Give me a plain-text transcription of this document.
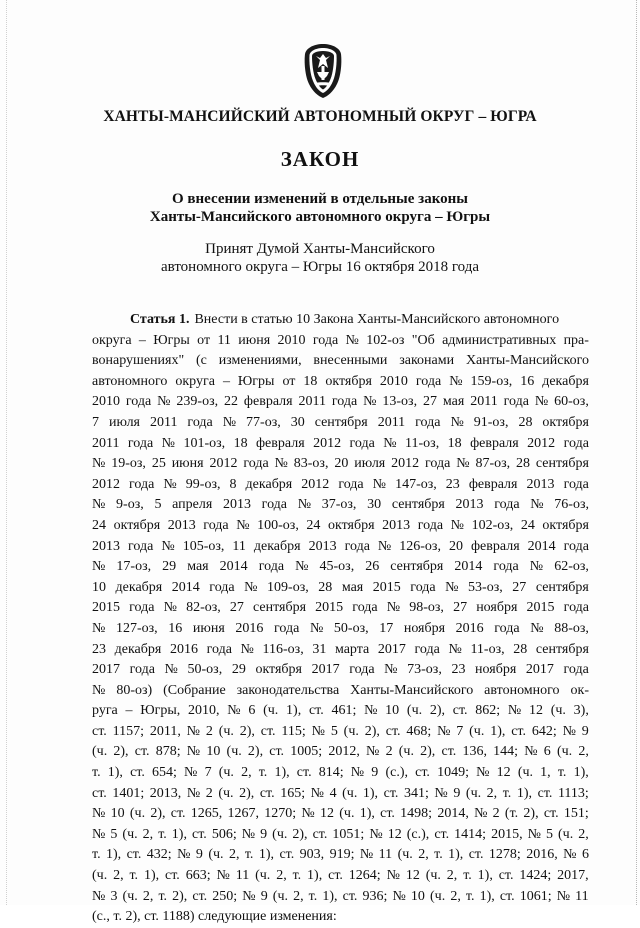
ХАНТЫ-МАНСИЙСКИЙ АВТОНОМНЫЙ ОКРУГ – ЮГРА
ЗАКОН
О внесении изменений в отдельные законы
Ханты-Мансийского автономного округа – Югры
Принят Думой Ханты-Мансийского
автономного округа – Югры 16 октября 2018 года
Статья 1. Внести в статью 10 Закона Ханты-Мансийского автономного
округа – Югры от 11 июня 2010 года № 102-оз "Об административных пра-
вонарушениях" (с изменениями, внесенными законами Ханты-Мансийского
автономного округа – Югры от 18 октября 2010 года № 159-оз, 16 декабря
2010 года № 239-оз, 22 февраля 2011 года № 13-оз, 27 мая 2011 года № 60-оз,
7 июля 2011 года № 77-оз, 30 сентября 2011 года № 91-оз, 28 октября
2011 года № 101-оз, 18 февраля 2012 года № 11-оз, 18 февраля 2012 года
№ 19-оз, 25 июня 2012 года № 83-оз, 20 июля 2012 года № 87-оз, 28 сентября
2012 года № 99-оз, 8 декабря 2012 года № 147-оз, 23 февраля 2013 года
№ 9-оз, 5 апреля 2013 года № 37-оз, 30 сентября 2013 года № 76-оз,
24 октября 2013 года № 100-оз, 24 октября 2013 года № 102-оз, 24 октября
2013 года № 105-оз, 11 декабря 2013 года № 126-оз, 20 февраля 2014 года
№ 17-оз, 29 мая 2014 года № 45-оз, 26 сентября 2014 года № 62-оз,
10 декабря 2014 года № 109-оз, 28 мая 2015 года № 53-оз, 27 сентября
2015 года № 82-оз, 27 сентября 2015 года № 98-оз, 27 ноября 2015 года
№ 127-оз, 16 июня 2016 года № 50-оз, 17 ноября 2016 года № 88-оз,
23 декабря 2016 года № 116-оз, 31 марта 2017 года № 11-оз, 28 сентября
2017 года № 50-оз, 29 октября 2017 года № 73-оз, 23 ноября 2017 года
№ 80-оз) (Собрание законодательства Ханты-Мансийского автономного ок-
руга – Югры, 2010, № 6 (ч. 1), ст. 461; № 10 (ч. 2), ст. 862; № 12 (ч. 3),
ст. 1157; 2011, № 2 (ч. 2), ст. 115; № 5 (ч. 2), ст. 468; № 7 (ч. 1), ст. 642; № 9
(ч. 2), ст. 878; № 10 (ч. 2), ст. 1005; 2012, № 2 (ч. 2), ст. 136, 144; № 6 (ч. 2,
т. 1), ст. 654; № 7 (ч. 2, т. 1), ст. 814; № 9 (с.), ст. 1049; № 12 (ч. 1, т. 1),
ст. 1401; 2013, № 2 (ч. 2), ст. 165; № 4 (ч. 1), ст. 341; № 9 (ч. 2, т. 1), ст. 1113;
№ 10 (ч. 2), ст. 1265, 1267, 1270; № 12 (ч. 1), ст. 1498; 2014, № 2 (т. 2), ст. 151;
№ 5 (ч. 2, т. 1), ст. 506; № 9 (ч. 2), ст. 1051; № 12 (с.), ст. 1414; 2015, № 5 (ч. 2,
т. 1), ст. 432; № 9 (ч. 2, т. 1), ст. 903, 919; № 11 (ч. 2, т. 1), ст. 1278; 2016, № 6
(ч. 2, т. 1), ст. 663; № 11 (ч. 2, т. 1), ст. 1264; № 12 (ч. 2, т. 1), ст. 1424; 2017,
№ 3 (ч. 2, т. 2), ст. 250; № 9 (ч. 2, т. 1), ст. 936; № 10 (ч. 2, т. 1), ст. 1061; № 11
(с., т. 2), ст. 1188) следующие изменения:
